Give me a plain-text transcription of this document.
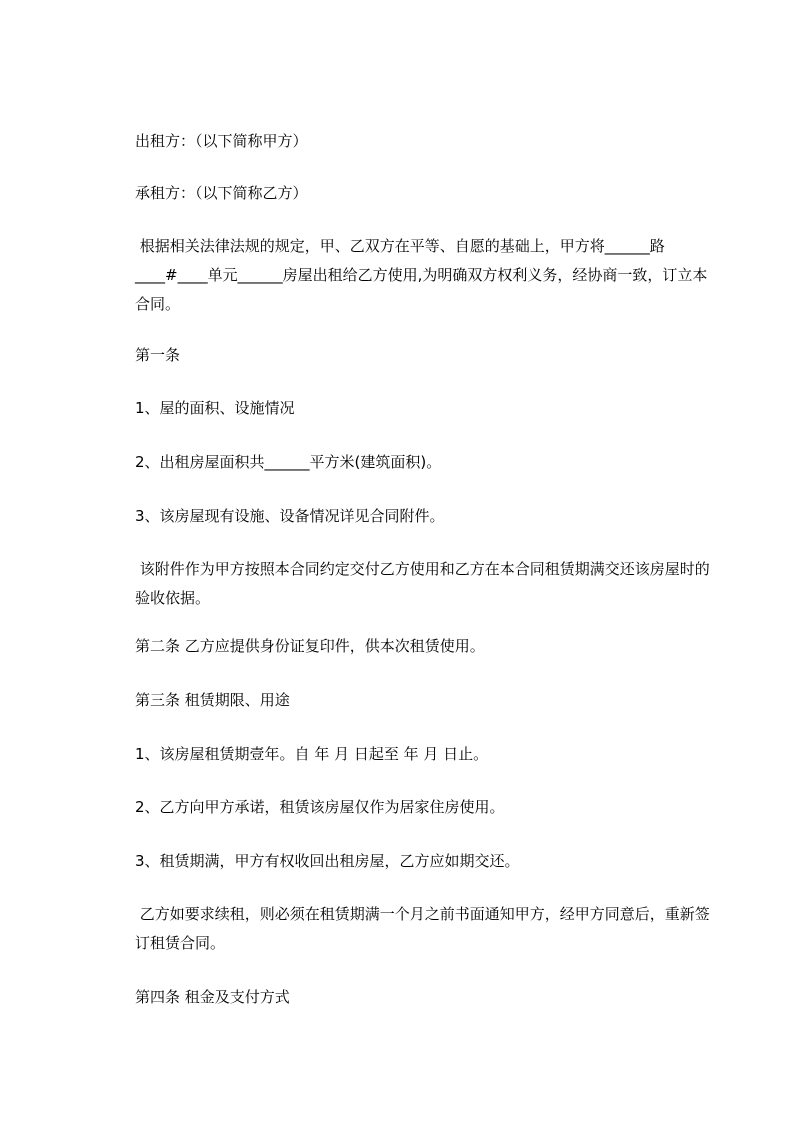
出租方：（以下简称甲方）

承租方：（以下简称乙方）

根据相关法律法规的规定，甲、乙双方在平等、自愿的基础上，甲方将______路____#____单元______房屋出租给乙方使用,为明确双方权利义务，经协商一致，订立本合同。

第一条

1、屋的面积、设施情况

2、出租房屋面积共______平方米(建筑面积)。

3、该房屋现有设施、设备情况详见合同附件。

该附件作为甲方按照本合同约定交付乙方使用和乙方在本合同租赁期满交还该房屋时的验收依据。

第二条 乙方应提供身份证复印件，供本次租赁使用。

第三条 租赁期限、用途

1、该房屋租赁期壹年。自 年 月 日起至 年 月 日止。

2、乙方向甲方承诺，租赁该房屋仅作为居家住房使用。

3、租赁期满，甲方有权收回出租房屋，乙方应如期交还。

乙方如要求续租，则必须在租赁期满一个月之前书面通知甲方，经甲方同意后，重新签订租赁合同。

第四条 租金及支付方式
